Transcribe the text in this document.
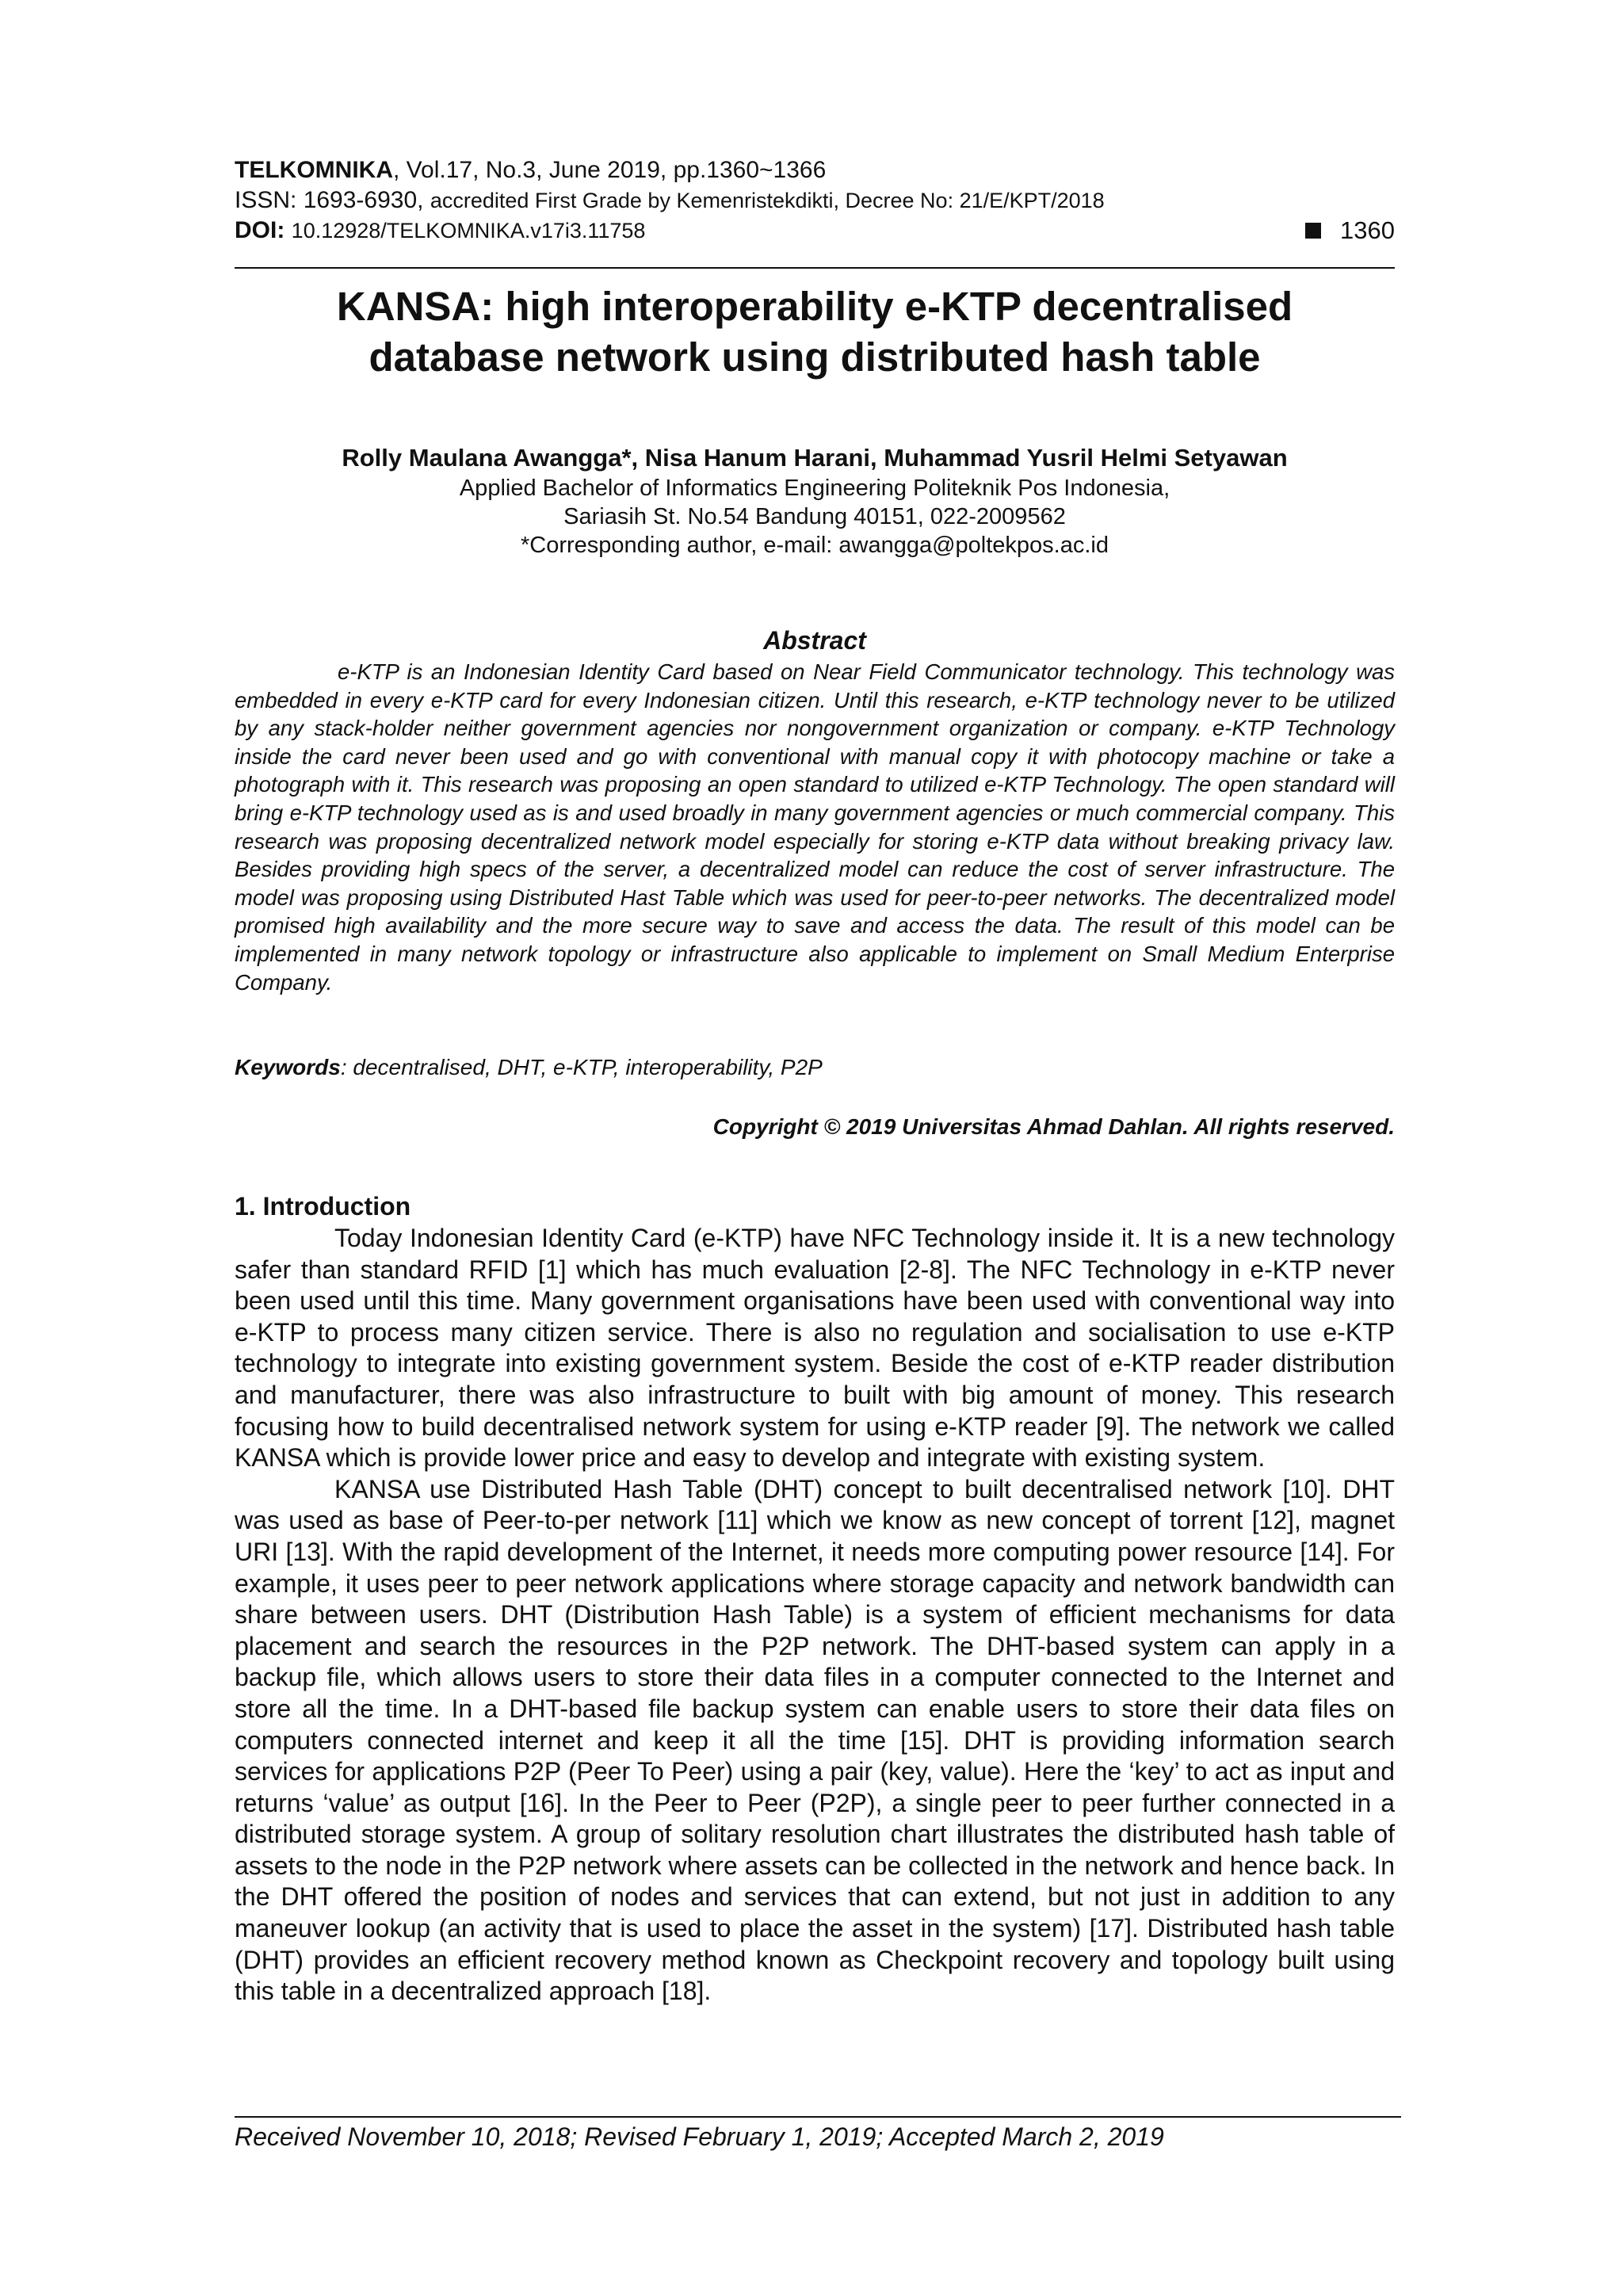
TELKOMNIKA, Vol.17, No.3, June 2019, pp.1360~1366
ISSN: 1693-6930, accredited First Grade by Kemenristekdikti, Decree No: 21/E/KPT/2018
DOI: 10.12928/TELKOMNIKA.v17i3.11758	1360
KANSA: high interoperability e-KTP decentralised
database network using distributed hash table
Rolly Maulana Awangga*, Nisa Hanum Harani, Muhammad Yusril Helmi Setyawan
Applied Bachelor of Informatics Engineering Politeknik Pos Indonesia,
Sariasih St. No.54 Bandung 40151, 022-2009562
*Corresponding author, e-mail: awangga@poltekpos.ac.id
Abstract
e-KTP is an Indonesian Identity Card based on Near Field Communicator technology. This technology was embedded in every e-KTP card for every Indonesian citizen. Until this research, e-KTP technology never to be utilized by any stack-holder neither government agencies nor nongovernment organization or company. e-KTP Technology inside the card never been used and go with conventional with manual copy it with photocopy machine or take a photograph with it. This research was proposing an open standard to utilized e-KTP Technology. The open standard will bring e-KTP technology used as is and used broadly in many government agencies or much commercial company. This research was proposing decentralized network model especially for storing e-KTP data without breaking privacy law. Besides providing high specs of the server, a decentralized model can reduce the cost of server infrastructure. The model was proposing using Distributed Hast Table which was used for peer-to-peer networks. The decentralized model promised high availability and the more secure way to save and access the data. The result of this model can be implemented in many network topology or infrastructure also applicable to implement on Small Medium Enterprise Company.
Keywords: decentralised, DHT, e-KTP, interoperability, P2P
Copyright © 2019 Universitas Ahmad Dahlan. All rights reserved.
1. Introduction

Today Indonesian Identity Card (e-KTP) have NFC Technology inside it. It is a new technology safer than standard RFID [1] which has much evaluation [2-8]. The NFC Technology in e-KTP never been used until this time. Many government organisations have been used with conventional way into e-KTP to process many citizen service. There is also no regulation and socialisation to use e-KTP technology to integrate into existing government system. Beside the cost of e-KTP reader distribution and manufacturer, there was also infrastructure to built with big amount of money. This research focusing how to build decentralised network system for using e-KTP reader [9]. The network we called KANSA which is provide lower price and easy to develop and integrate with existing system.

KANSA use Distributed Hash Table (DHT) concept to built decentralised network [10]. DHT was used as base of Peer-to-per network [11] which we know as new concept of torrent [12], magnet URI [13]. With the rapid development of the Internet, it needs more computing power resource [14]. For example, it uses peer to peer network applications where storage capacity and network bandwidth can share between users. DHT (Distribution Hash Table) is a system of efficient mechanisms for data placement and search the resources in the P2P network. The DHT-based system can apply in a backup file, which allows users to store their data files in a computer connected to the Internet and store all the time. In a DHT-based file backup system can enable users to store their data files on computers connected internet and keep it all the time [15]. DHT is providing information search services for applications P2P (Peer To Peer) using a pair (key, value). Here the ‘key’ to act as input and returns ‘value’ as output [16]. In the Peer to Peer (P2P), a single peer to peer further connected in a distributed storage system. A group of solitary resolution chart illustrates the distributed hash table of assets to the node in the P2P network where assets can be collected in the network and hence back. In the DHT offered the position of nodes and services that can extend, but not just in addition to any maneuver lookup (an activity that is used to place the asset in the system) [17]. Distributed hash table (DHT) provides an efficient recovery method known as Checkpoint recovery and topology built using this table in a decentralized approach [18].

Received November 10, 2018; Revised February 1, 2019; Accepted March 2, 2019
